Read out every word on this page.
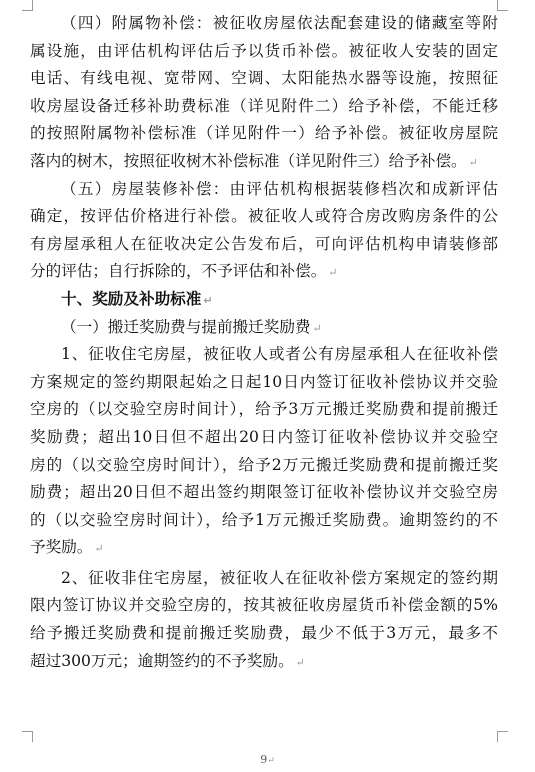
（四）附属物补偿：被征收房屋依法配套建设的储藏室等附
属设施，由评估机构评估后予以货币补偿。被征收人安装的固定
电话、有线电视、宽带网、空调、太阳能热水器等设施，按照征
收房屋设备迁移补助费标准（详见附件二）给予补偿，不能迁移
的按照附属物补偿标准（详见附件一）给予补偿。被征收房屋院
落内的树木，按照征收树木补偿标准（详见附件三）给予补偿。 ↵
（五）房屋装修补偿：由评估机构根据装修档次和成新评估
确定，按评估价格进行补偿。被征收人或符合房改购房条件的公
有房屋承租人在征收决定公告发布后，可向评估机构申请装修部
分的评估；自行拆除的，不予评估和补偿。 ↵
十、奖励及补助标准 ↵
（一）搬迁奖励费与提前搬迁奖励费 ↵
1、征收住宅房屋，被征收人或者公有房屋承租人在征收补偿
方案规定的签约期限起始之日起10日内签订征收补偿协议并交验
空房的（以交验空房时间计），给予3万元搬迁奖励费和提前搬迁
奖励费；超出10日但不超出20日内签订征收补偿协议并交验空
房的（以交验空房时间计），给予2万元搬迁奖励费和提前搬迁奖
励费；超出20日但不超出签约期限签订征收补偿协议并交验空房
的（以交验空房时间计），给予1万元搬迁奖励费。逾期签约的不
予奖励。 ↵
2、征收非住宅房屋，被征收人在征收补偿方案规定的签约期
限内签订协议并交验空房的，按其被征收房屋货币补偿金额的5%
给予搬迁奖励费和提前搬迁奖励费，最少不低于3万元，最多不
超过300万元；逾期签约的不予奖励。 ↵
9↵
